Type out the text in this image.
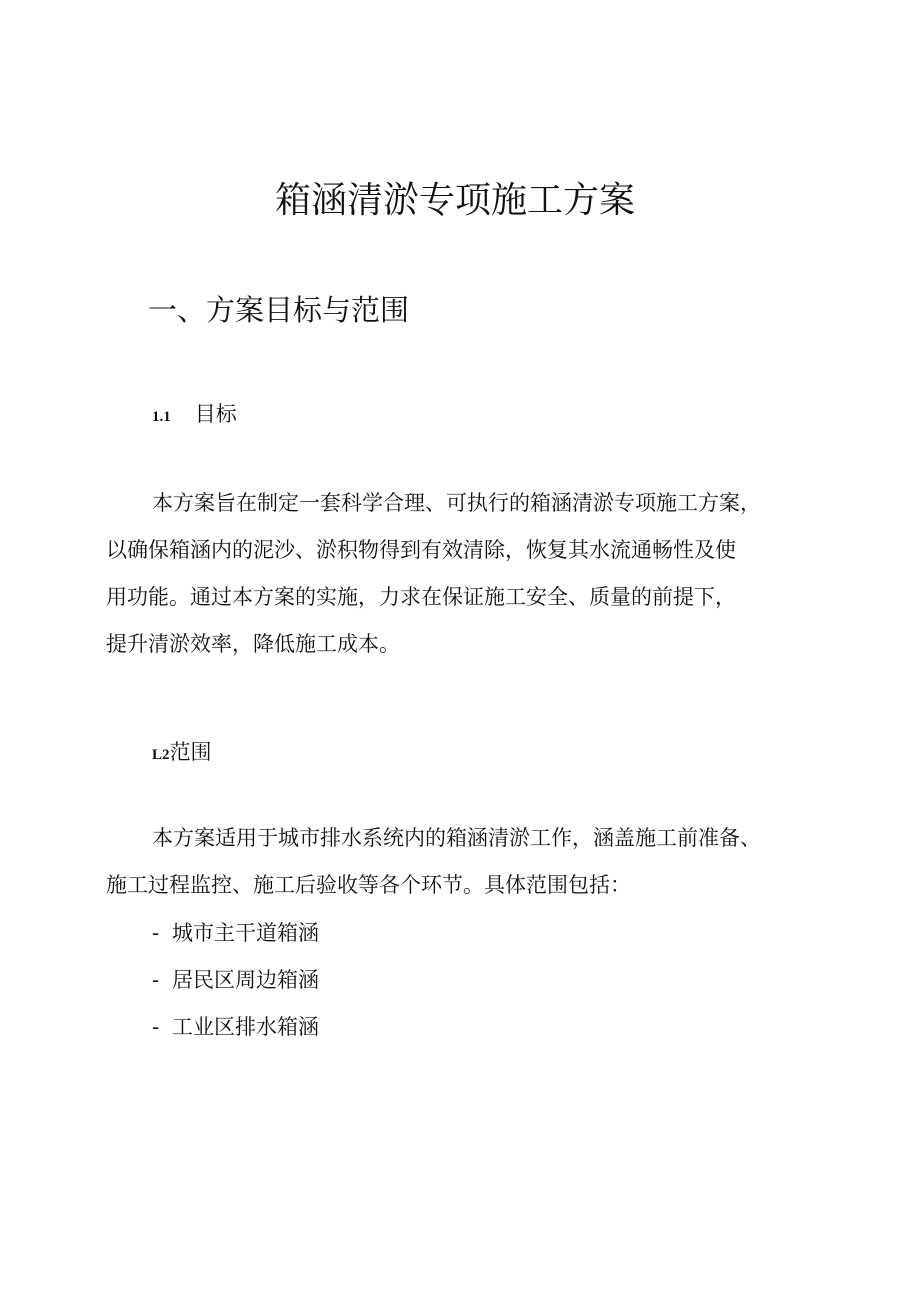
箱涵清淤专项施工方案
一、方案目标与范围
1.1 目标
本方案旨在制定一套科学合理、可执行的箱涵清淤专项施工方案，
以确保箱涵内的泥沙、淤积物得到有效清除，恢复其水流通畅性及使
用功能。通过本方案的实施，力求在保证施工安全、质量的前提下，
提升清淤效率，降低施工成本。
L2范围
本方案适用于城市排水系统内的箱涵清淤工作，涵盖施工前准备、
施工过程监控、施工后验收等各个环节。具体范围包括：
- 城市主干道箱涵
- 居民区周边箱涵
- 工业区排水箱涵
